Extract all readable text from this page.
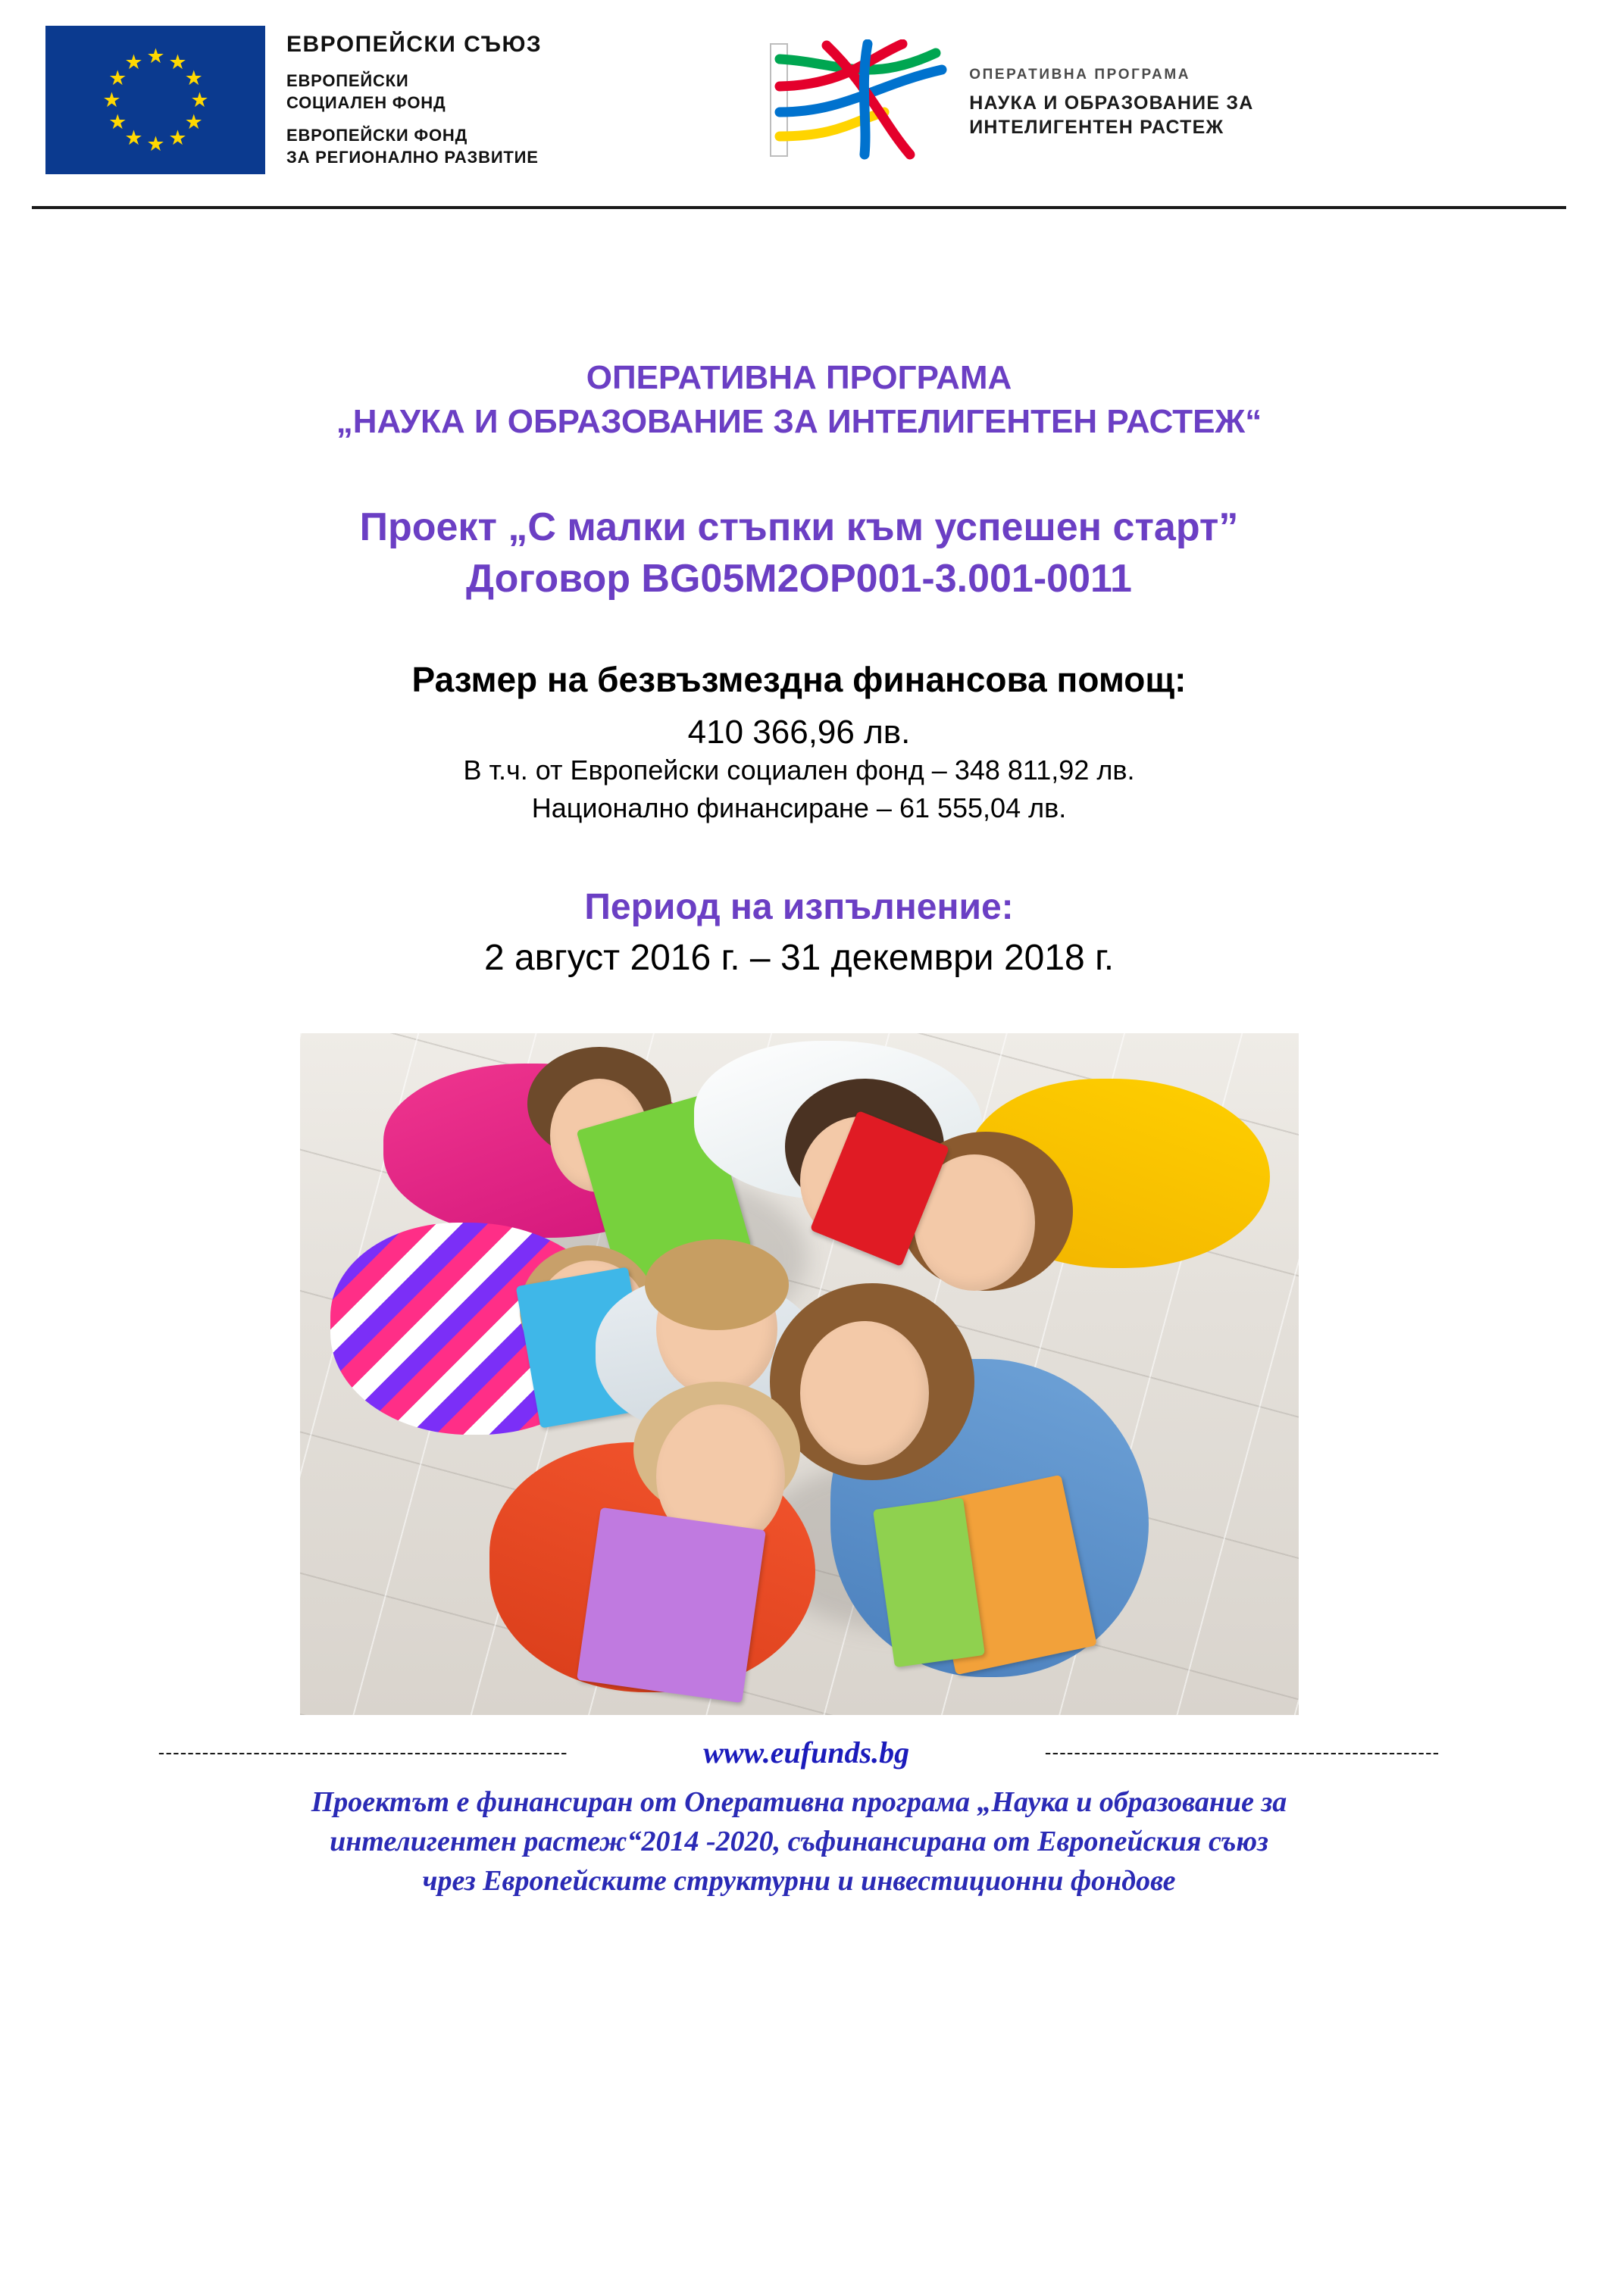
★ ★
★
★
★
★
★
★
★
★
★
★
ЕВРОПЕЙСКИ СЪЮЗ
ЕВРОПЕЙСКИ
СОЦИАЛЕН ФОНД
ЕВРОПЕЙСКИ ФОНД
ЗА РЕГИОНАЛНО РАЗВИТИЕ
ОПЕРАТИВНА ПРОГРАМА
НАУКА И ОБРАЗОВАНИЕ ЗА
ИНТЕЛИГЕНТЕН РАСТЕЖ
ОПЕРАТИВНА ПРОГРАМА
„НАУКА И ОБРАЗОВАНИЕ ЗА ИНТЕЛИГЕНТЕН РАСТЕЖ“
Проект „С малки стъпки към успешен старт”
Договор BG05M2OP001-3.001-0011
Размер на безвъзмездна финансова помощ:
410 366,96 лв.
В т.ч. от Европейски социален фонд – 348 811,92 лв.
Национално финансиране – 61 555,04 лв.
Период на изпълнение:
2 август 2016 г. – 31 декември 2018 г.
--------------------------------------------------------	www.eufunds.bg	------------------------------------------------------
Проектът е финансиран от Оперативна програма „Наука и образование за
интелигентен растеж“2014 -2020, съфинансирана от Европейския съюз
чрез Европейските структурни и инвестиционни фондове
